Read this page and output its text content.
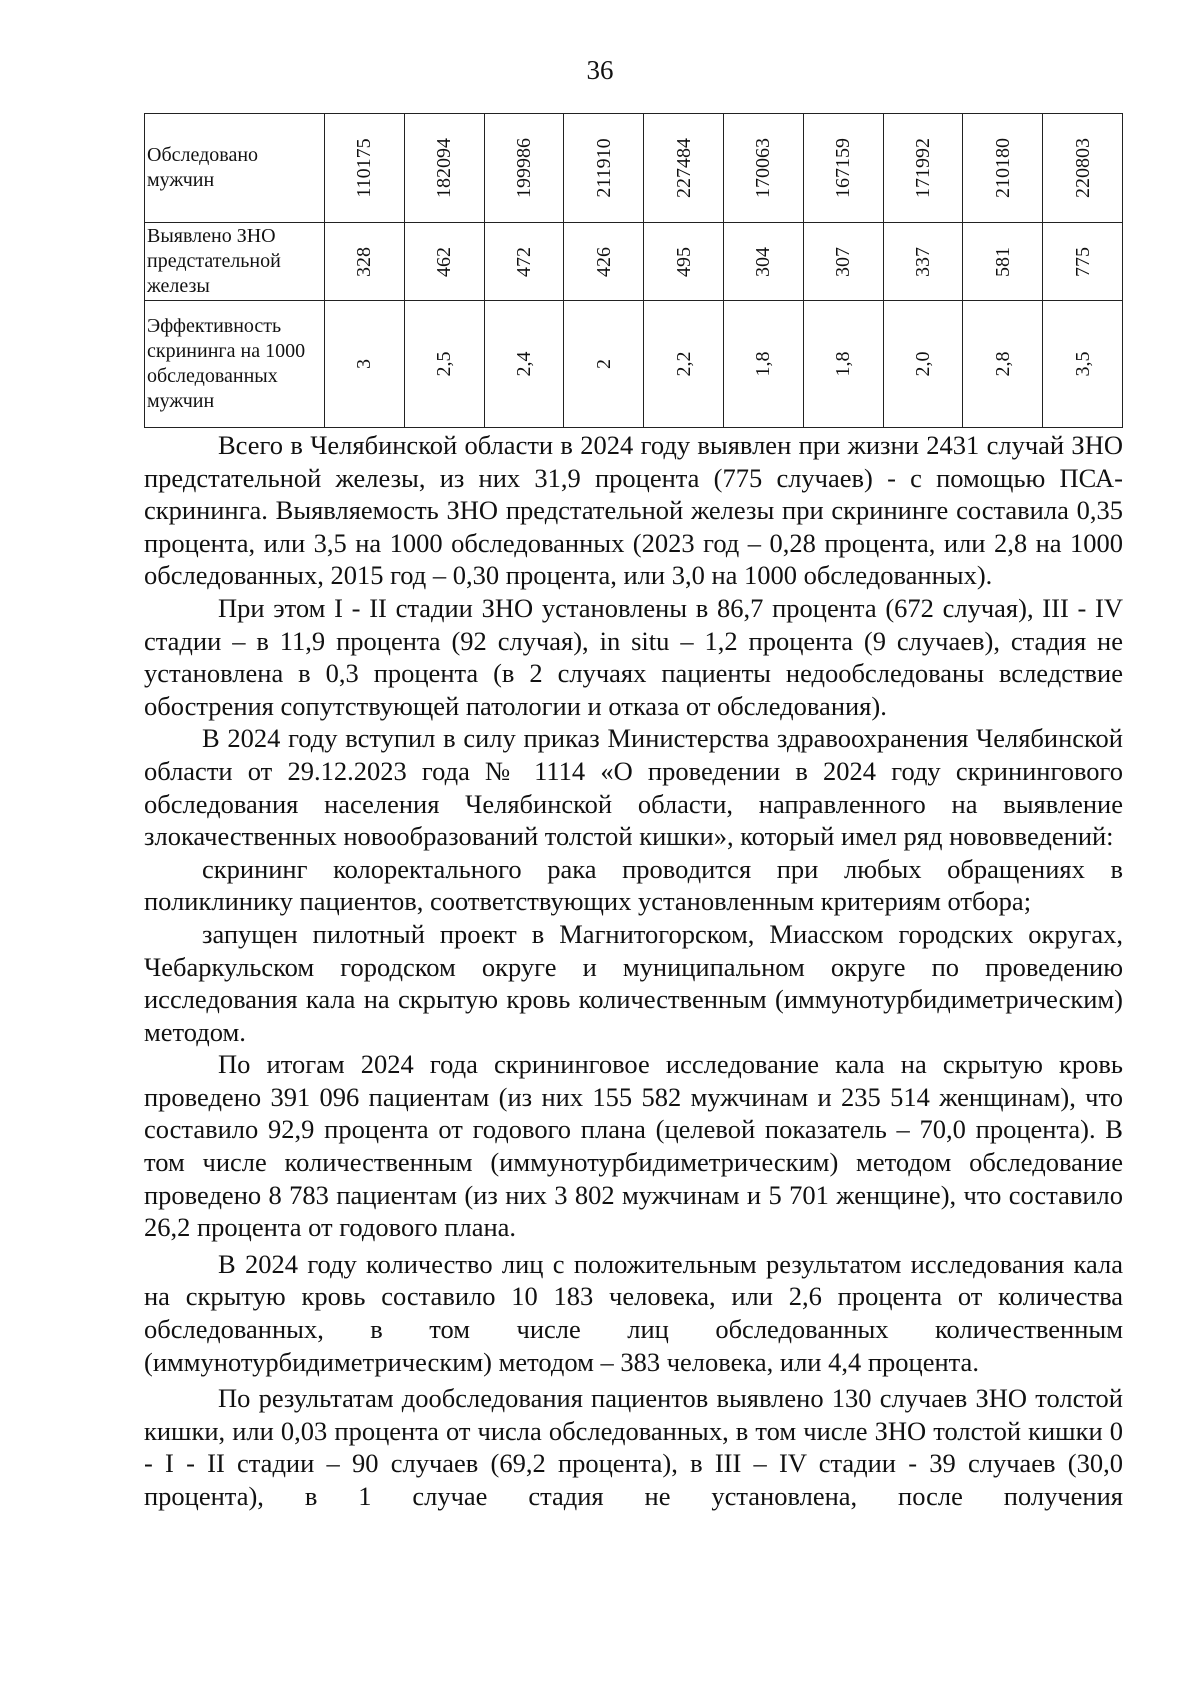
36
Обследовано мужчин	110175	182094	199986	211910	227484	170063	167159	171992	210180	220803

Выявлено ЗНО предстательной железы	328	462	472	426	495	304	307	337	581	775

Эффективность скрининга на 1000 обследованных мужчин	3	2,5	2,4	2	2,2	1,8	1,8	2,0	2,8	3,5

Всего в Челябинской области в 2024 году выявлен при жизни 2431 случай ЗНО предстательной железы, из них 31,9 процента (775 случаев) - с помощью ПСА-скрининга. Выявляемость ЗНО предстательной железы при скрининге составила 0,35 процента, или 3,5 на 1000 обследованных (2023 год – 0,28 процента, или 2,8 на 1000 обследованных, 2015 год – 0,30 процента, или 3,0 на 1000 обследованных).

При этом I - II стадии ЗНО установлены в 86,7 процента (672 случая), III - IV стадии – в 11,9 процента (92 случая), in situ – 1,2 процента (9 случаев), стадия не установлена в 0,3 процента (в 2 случаях пациенты недообследованы вследствие обострения сопутствующей патологии и отказа от обследования).

В 2024 году вступил в силу приказ Министерства здравоохранения Челябинской области от 29.12.2023 года № 1114 «О проведении в 2024 году скринингового обследования населения Челябинской области, направленного на выявление злокачественных новообразований толстой кишки», который имел ряд нововведений:

скрининг колоректального рака проводится при любых обращениях в поликлинику пациентов, соответствующих установленным критериям отбора;

запущен пилотный проект в Магнитогорском, Миасском городских округах, Чебаркульском городском округе и муниципальном округе по проведению исследования кала на скрытую кровь количественным (иммунотурбидиметрическим) методом.

По итогам 2024 года скрининговое исследование кала на скрытую кровь проведено 391 096 пациентам (из них 155 582 мужчинам и 235 514 женщинам), что составило 92,9 процента от годового плана (целевой показатель – 70,0 процента). В том числе количественным (иммунотурбидиметрическим) методом обследование проведено 8 783 пациентам (из них 3 802 мужчинам и 5 701 женщине), что составило 26,2 процента от годового плана.

В 2024 году количество лиц с положительным результатом исследования кала на скрытую кровь составило 10 183 человека, или 2,6 процента от количества обследованных, в том числе лиц обследованных количественным (иммунотурбидиметрическим) методом – 383 человека, или 4,4 процента.

По результатам дообследования пациентов выявлено 130 случаев ЗНО толстой кишки, или 0,03 процента от числа обследованных, в том числе ЗНО толстой кишки 0 - I - II стадии – 90 случаев (69,2 процента), в III – IV стадии - 39 случаев (30,0 процента), в 1 случае стадия не установлена, после получения
